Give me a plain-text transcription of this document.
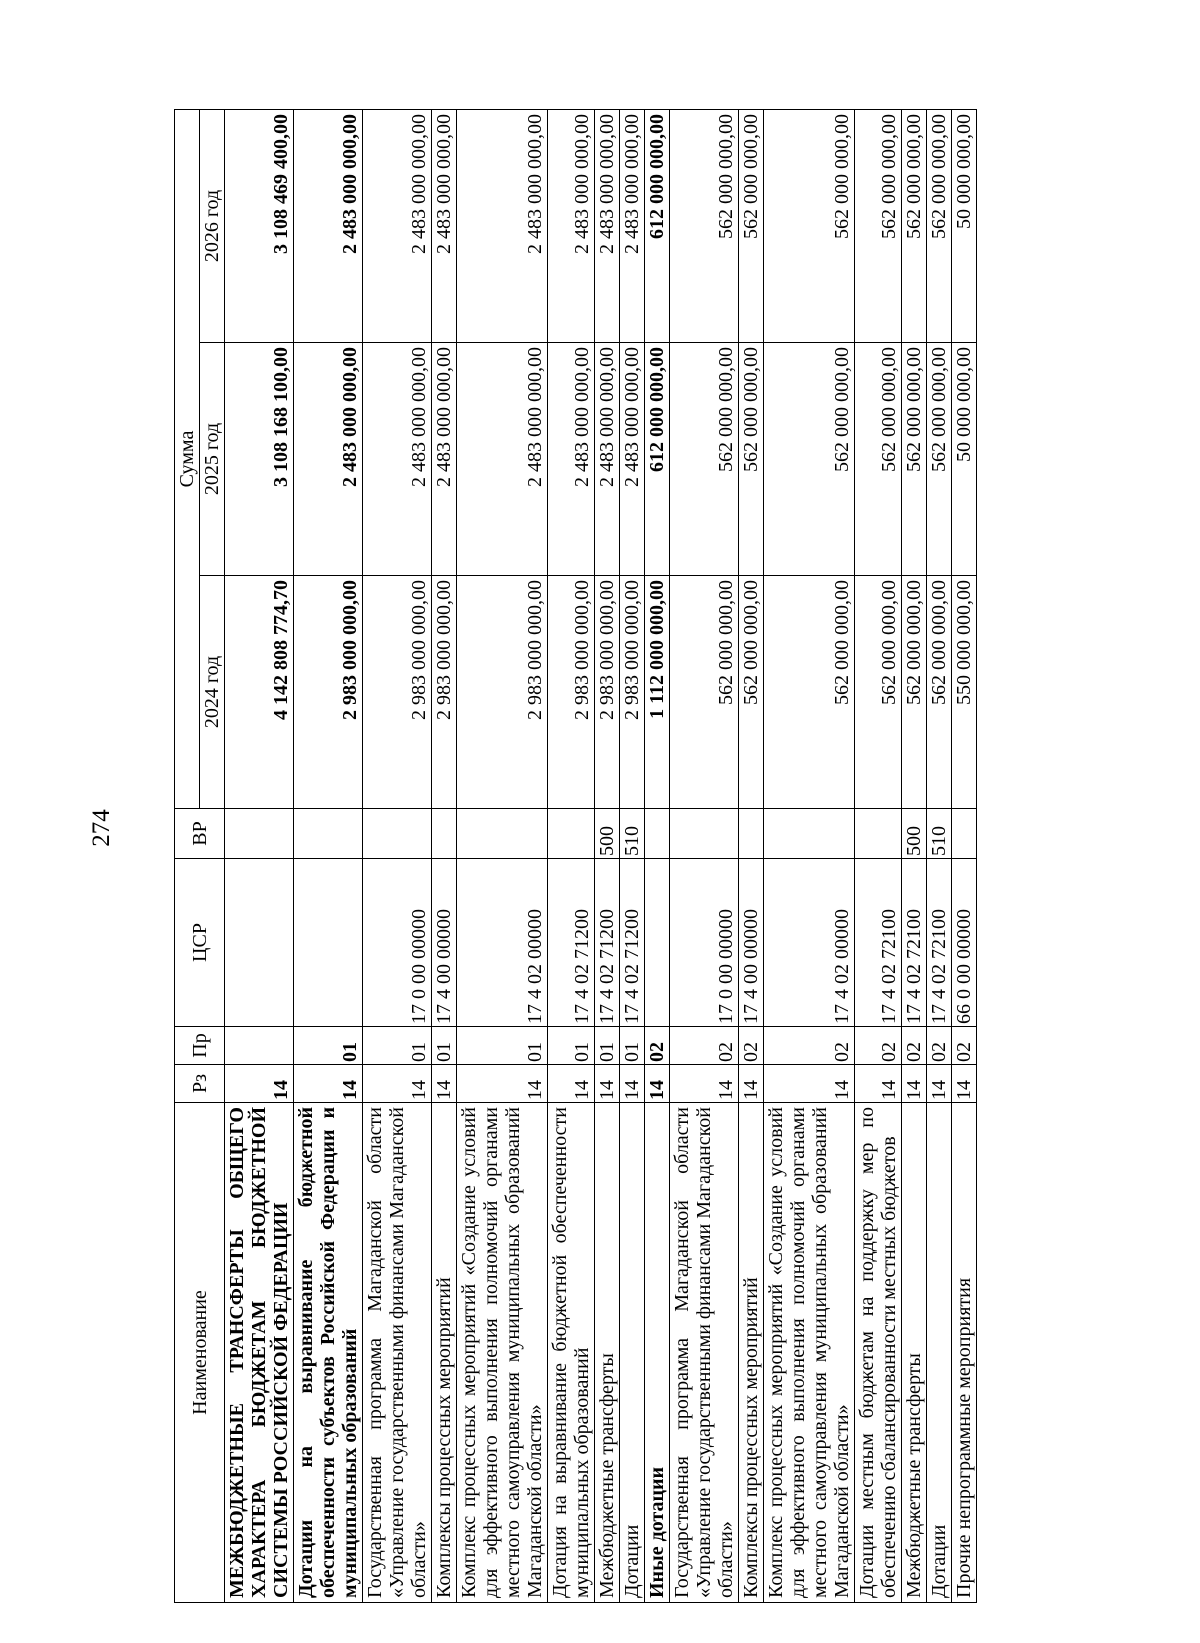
274
Наименование	Рз	Пр	ЦСР	ВР	Сумма		
					2024 год	2025 год	2026 год
МЕЖБЮДЖЕТНЫЕ ТРАНСФЕРТЫ ОБЩЕГО ХАРАКТЕРА БЮДЖЕТАМ БЮДЖЕТНОЙ СИСТЕМЫ РОССИЙСКОЙ ФЕДЕРАЦИИ	14				4 142 808 774,70	3 108 168 100,00	3 108 469 400,00
Дотации на выравнивание бюджетной обеспеченности субъектов Российской Федерации и муниципальных образований	14	01			2 983 000 000,00	2 483 000 000,00	2 483 000 000,00
Государственная программа Магаданской области «Управление государственными финансами Магаданской области»	14	01	17 0 00 00000		2 983 000 000,00	2 483 000 000,00	2 483 000 000,00
Комплексы процессных мероприятий	14	01	17 4 00 00000		2 983 000 000,00	2 483 000 000,00	2 483 000 000,00
Комплекс процессных мероприятий «Создание условий для эффективного выполнения полномочий органами местного самоуправления муниципальных образований Магаданской области»	14	01	17 4 02 00000		2 983 000 000,00	2 483 000 000,00	2 483 000 000,00
Дотация на выравнивание бюджетной обеспеченности муниципальных образований	14	01	17 4 02 71200		2 983 000 000,00	2 483 000 000,00	2 483 000 000,00
Межбюджетные трансферты	14	01	17 4 02 71200	500	2 983 000 000,00	2 483 000 000,00	2 483 000 000,00
Дотации	14	01	17 4 02 71200	510	2 983 000 000,00	2 483 000 000,00	2 483 000 000,00
Иные дотации	14	02			1 112 000 000,00	612 000 000,00	612 000 000,00
Государственная программа Магаданской области «Управление государственными финансами Магаданской области»	14	02	17 0 00 00000		562 000 000,00	562 000 000,00	562 000 000,00
Комплексы процессных мероприятий	14	02	17 4 00 00000		562 000 000,00	562 000 000,00	562 000 000,00
Комплекс процессных мероприятий «Создание условий для эффективного выполнения полномочий органами местного самоуправления муниципальных образований Магаданской области»	14	02	17 4 02 00000		562 000 000,00	562 000 000,00	562 000 000,00
Дотации местным бюджетам на поддержку мер по обеспечению сбалансированности местных бюджетов	14	02	17 4 02 72100		562 000 000,00	562 000 000,00	562 000 000,00
Межбюджетные трансферты	14	02	17 4 02 72100	500	562 000 000,00	562 000 000,00	562 000 000,00
Дотации	14	02	17 4 02 72100	510	562 000 000,00	562 000 000,00	562 000 000,00
Прочие непрограммные мероприятия	14	02	66 0 00 00000		550 000 000,00	50 000 000,00	50 000 000,00
